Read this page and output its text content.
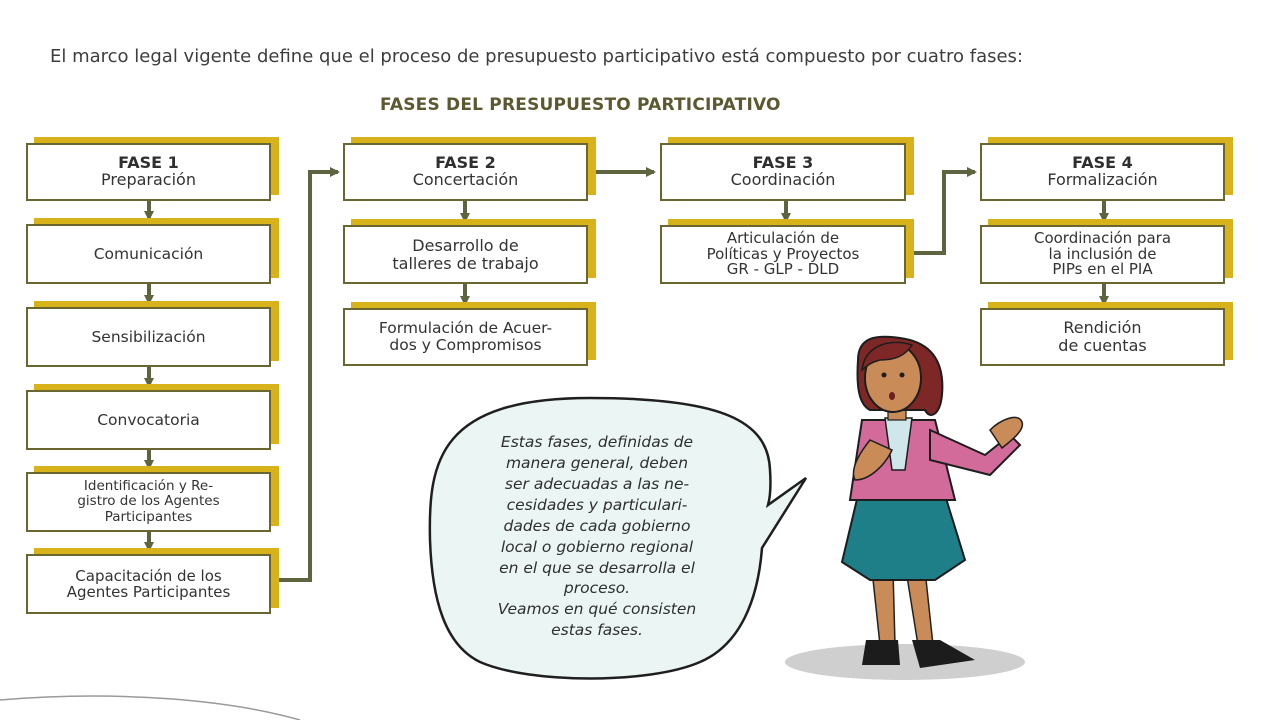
El marco legal vigente define que el proceso de presupuesto participativo está compuesto por cuatro fases:
FASES DEL PRESUPUESTO PARTICIPATIVO
FASE 1
Preparación
Comunicación
Sensibilización
Convocatoria
Identificación y Re-
gistro de los Agentes
Participantes
Capacitación de los
Agentes Participantes
FASE 2
Concertación
Desarrollo de
talleres de trabajo
Formulación de Acuer-
dos y Compromisos
FASE 3
Coordinación
Articulación de
Políticas y Proyectos
GR - GLP - DLD
FASE 4
Formalización
Coordinación para
la inclusión de
PIPs en el PIA
Rendición
de cuentas
Estas fases, definidas de
manera general, deben
ser adecuadas a las ne-
cesidades y particulari-
dades de cada gobierno
local o gobierno regional
en el que se desarrolla el
proceso.
Veamos en qué consisten
estas fases.
